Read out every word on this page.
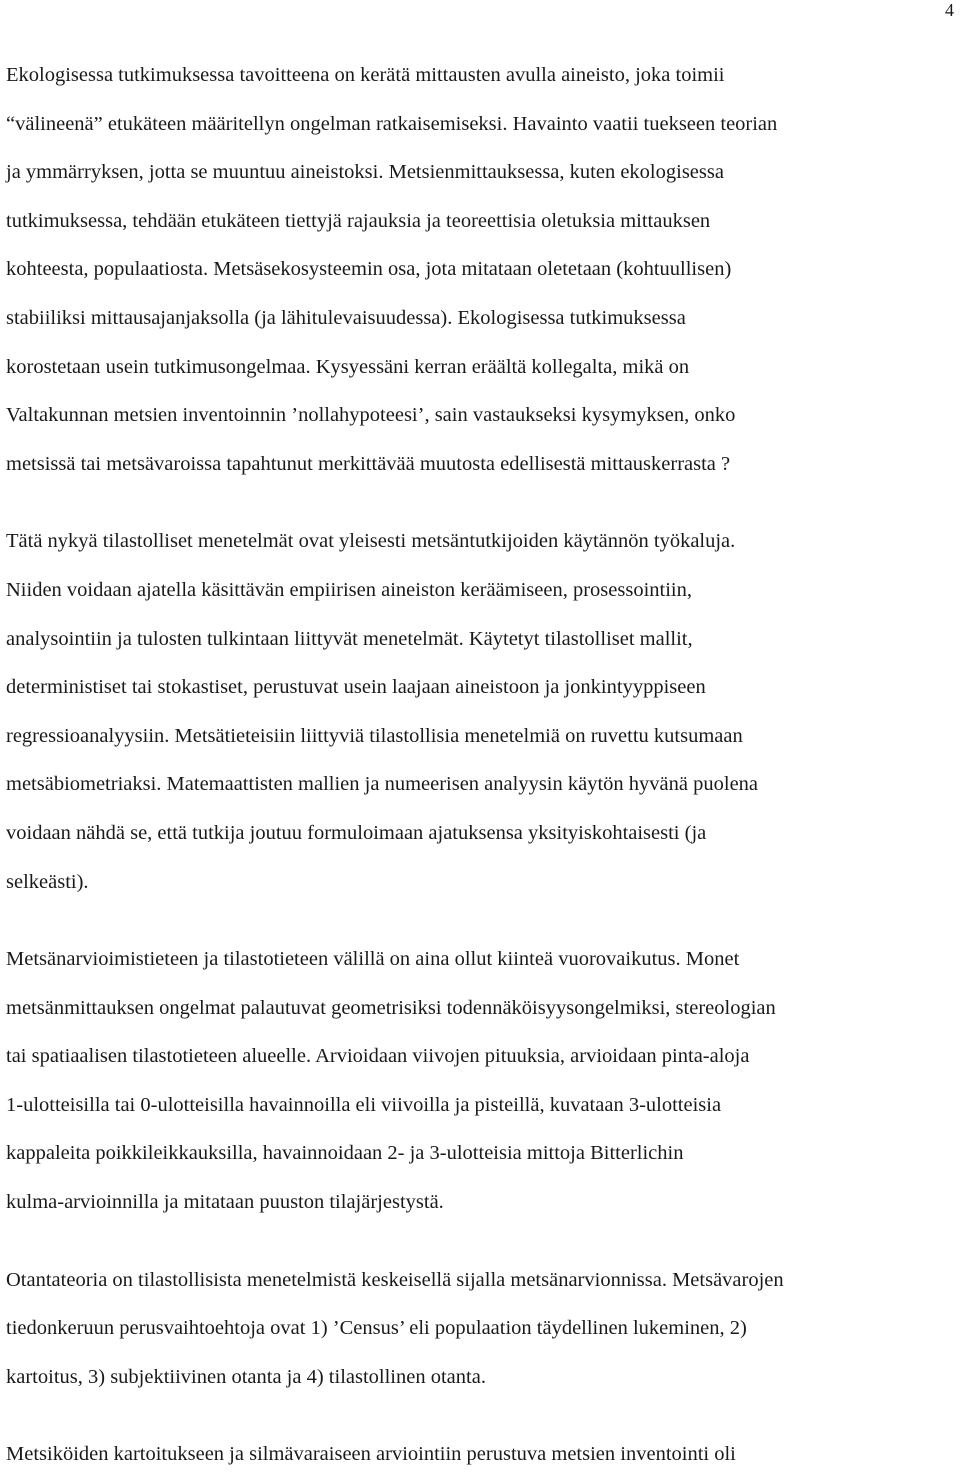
4

Ekologisessa tutkimuksessa tavoitteena on kerätä mittausten avulla aineisto, joka toimii
“välineenä” etukäteen määritellyn ongelman ratkaisemiseksi. Havainto vaatii tuekseen teorian
ja ymmärryksen, jotta se muuntuu aineistoksi. Metsienmittauksessa, kuten ekologisessa
tutkimuksessa, tehdään etukäteen tiettyjä rajauksia ja teoreettisia oletuksia mittauksen
kohteesta, populaatiosta. Metsäsekosysteemin osa, jota mitataan oletetaan (kohtuullisen)
stabiiliksi mittausajanjaksolla (ja lähitulevaisuudessa). Ekologisessa tutkimuksessa
korostetaan usein tutkimusongelmaa. Kysyessäni kerran eräältä kollegalta, mikä on
Valtakunnan metsien inventoinnin ’nollahypoteesi’, sain vastaukseksi kysymyksen, onko
metsissä tai metsävaroissa tapahtunut merkittävää muutosta edellisestä mittauskerrasta ?

Tätä nykyä tilastolliset menetelmät ovat yleisesti metsäntutkijoiden käytännön työkaluja.
Niiden voidaan ajatella käsittävän empiirisen aineiston keräämiseen, prosessointiin,
analysointiin ja tulosten tulkintaan liittyvät menetelmät. Käytetyt tilastolliset mallit,
deterministiset tai stokastiset, perustuvat usein laajaan aineistoon ja jonkintyyppiseen
regressioanalyysiin. Metsätieteisiin liittyviä tilastollisia menetelmiä on ruvettu kutsumaan
metsäbiometriaksi. Matemaattisten mallien ja numeerisen analyysin käytön hyvänä puolena
voidaan nähdä se, että tutkija joutuu formuloimaan ajatuksensa yksityiskohtaisesti (ja
selkeästi).

Metsänarvioimistieteen ja tilastotieteen välillä on aina ollut kiinteä vuorovaikutus. Monet
metsänmittauksen ongelmat palautuvat geometrisiksi todennäköisyysongelmiksi, stereologian
tai spatiaalisen tilastotieteen alueelle. Arvioidaan viivojen pituuksia, arvioidaan pinta-aloja
1-ulotteisilla tai 0-ulotteisilla havainnoilla eli viivoilla ja pisteillä, kuvataan 3-ulotteisia
kappaleita poikkileikkauksilla, havainnoidaan 2- ja 3-ulotteisia mittoja Bitterlichin
kulma-arvioinnilla ja mitataan puuston tilajärjestystä.

Otantateoria on tilastollisista menetelmistä keskeisellä sijalla metsänarvionnissa. Metsävarojen
tiedonkeruun perusvaihtoehtoja ovat 1) ’Census’ eli populaation täydellinen lukeminen, 2)
kartoitus, 3) subjektiivinen otanta ja 4) tilastollinen otanta.

Metsiköiden kartoitukseen ja silmävaraiseen arviointiin perustuva metsien inventointi oli
